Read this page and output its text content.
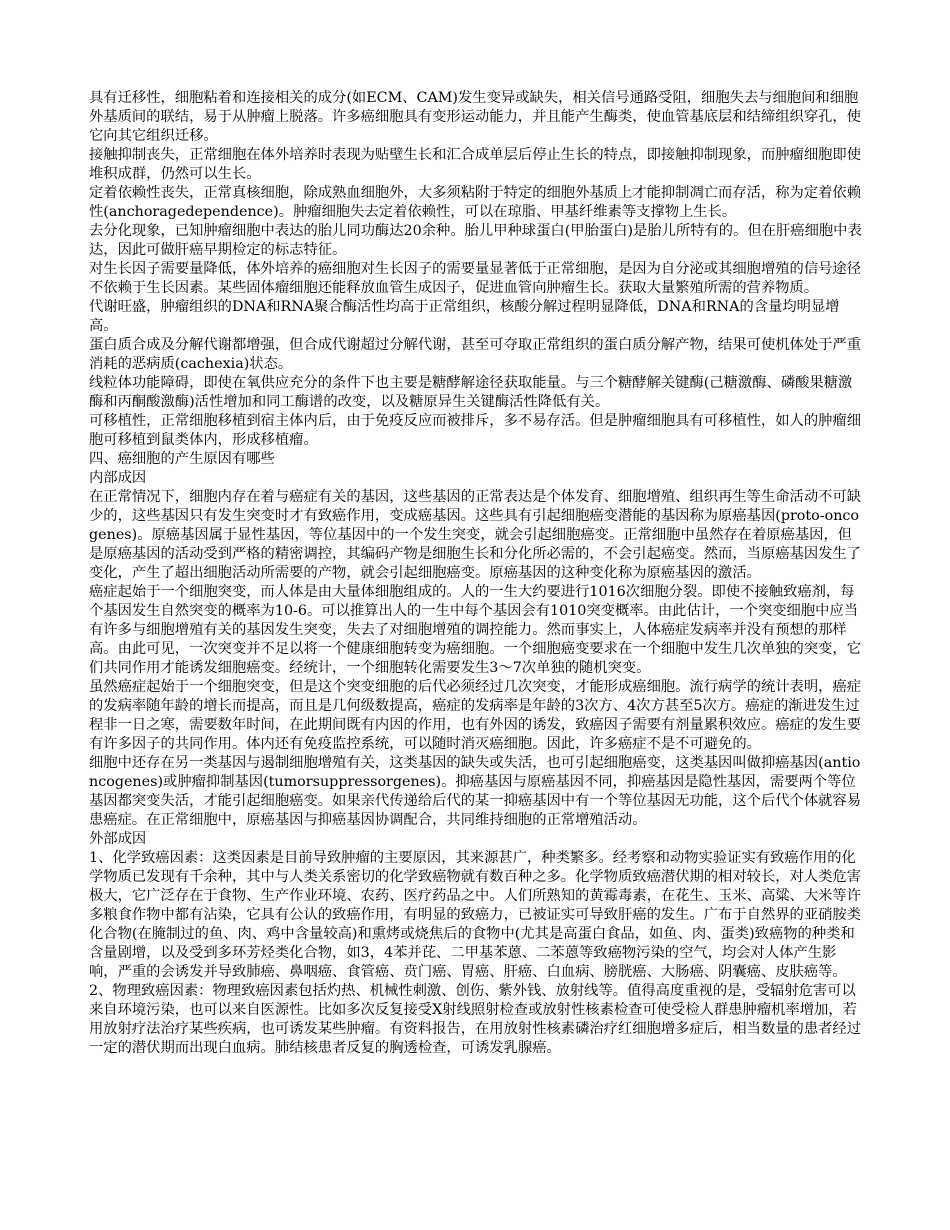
具有迁移性，细胞粘着和连接相关的成分(如ECM、CAM)发生变异或缺失，相关信号通路受阻，细胞失去与细胞间和细胞外基质间的联结，易于从肿瘤上脱落。许多癌细胞具有变形运动能力，并且能产生酶类，使血管基底层和结缔组织穿孔，使它向其它组织迁移。

接触抑制丧失，正常细胞在体外培养时表现为贴壁生长和汇合成单层后停止生长的特点，即接触抑制现象，而肿瘤细胞即使堆积成群，仍然可以生长。

定着依赖性丧失，正常真核细胞，除成熟血细胞外，大多须粘附于特定的细胞外基质上才能抑制凋亡而存活，称为定着依赖性(anchoragedependence)。肿瘤细胞失去定着依赖性，可以在琼脂、甲基纤维素等支撑物上生长。

去分化现象，已知肿瘤细胞中表达的胎儿同功酶达20余种。胎儿甲种球蛋白(甲胎蛋白)是胎儿所特有的。但在肝癌细胞中表达，因此可做肝癌早期检定的标志特征。

对生长因子需要量降低，体外培养的癌细胞对生长因子的需要量显著低于正常细胞，是因为自分泌或其细胞增殖的信号途径不依赖于生长因素。某些固体瘤细胞还能释放血管生成因子，促进血管向肿瘤生长。获取大量繁殖所需的营养物质。

代谢旺盛，肿瘤组织的DNA和RNA聚合酶活性均高于正常组织，核酸分解过程明显降低，DNA和RNA的含量均明显增高。

蛋白质合成及分解代谢都增强，但合成代谢超过分解代谢，甚至可夺取正常组织的蛋白质分解产物，结果可使机体处于严重消耗的恶病质(cachexia)状态。

线粒体功能障碍，即使在氧供应充分的条件下也主要是糖酵解途径获取能量。与三个糖酵解关键酶(己糖激酶、磷酸果糖激酶和丙酮酸激酶)活性增加和同工酶谱的改变，以及糖原异生关键酶活性降低有关。

可移植性，正常细胞移植到宿主体内后，由于免疫反应而被排斥，多不易存活。但是肿瘤细胞具有可移植性，如人的肿瘤细胞可移植到鼠类体内，形成移植瘤。

四、癌细胞的产生原因有哪些

内部成因

在正常情况下，细胞内存在着与癌症有关的基因，这些基因的正常表达是个体发育、细胞增殖、组织再生等生命活动不可缺少的，这些基因只有发生突变时才有致癌作用，变成癌基因。这些具有引起细胞癌变潜能的基因称为原癌基因(proto-oncogenes)。原癌基因属于显性基因，等位基因中的一个发生突变，就会引起细胞癌变。正常细胞中虽然存在着原癌基因，但是原癌基因的活动受到严格的精密调控，其编码产物是细胞生长和分化所必需的，不会引起癌变。然而，当原癌基因发生了变化，产生了超出细胞活动所需要的产物，就会引起细胞癌变。原癌基因的这种变化称为原癌基因的激活。

癌症起始于一个细胞突变，而人体是由大量体细胞组成的。人的一生大约要进行1016次细胞分裂。即使不接触致癌剂，每个基因发生自然突变的概率为10-6。可以推算出人的一生中每个基因会有1010突变概率。由此估计，一个突变细胞中应当有许多与细胞增殖有关的基因发生突变，失去了对细胞增殖的调控能力。然而事实上，人体癌症发病率并没有预想的那样高。由此可见，一次突变并不足以将一个健康细胞转变为癌细胞。一个细胞癌变要求在一个细胞中发生几次单独的突变，它们共同作用才能诱发细胞癌变。经统计，一个细胞转化需要发生3～7次单独的随机突变。

虽然癌症起始于一个细胞突变，但是这个突变细胞的后代必须经过几次突变，才能形成癌细胞。流行病学的统计表明，癌症的发病率随年龄的增长而提高，而且是几何级数提高，癌症的发病率是年龄的3次方、4次方甚至5次方。癌症的渐进发生过程非一日之寒，需要数年时间，在此期间既有内因的作用，也有外因的诱发，致癌因子需要有剂量累积效应。癌症的发生要有许多因子的共同作用。体内还有免疫监控系统，可以随时消灭癌细胞。因此，许多癌症不是不可避免的。

细胞中还存在另一类基因与遏制细胞增殖有关，这类基因的缺失或失活，也可引起细胞癌变，这类基因叫做抑癌基因(antioncogenes)或肿瘤抑制基因(tumorsuppressorgenes)。抑癌基因与原癌基因不同，抑癌基因是隐性基因，需要两个等位基因都突变失活，才能引起细胞癌变。如果亲代传递给后代的某一抑癌基因中有一个等位基因无功能，这个后代个体就容易患癌症。在正常细胞中，原癌基因与抑癌基因协调配合，共同维持细胞的正常增殖活动。

外部成因

1、化学致癌因素：这类因素是目前导致肿瘤的主要原因，其来源甚广，种类繁多。经考察和动物实验证实有致癌作用的化学物质已发现有千余种，其中与人类关系密切的化学致癌物就有数百种之多。化学物质致癌潜伏期的相对较长，对人类危害极大，它广泛存在于食物、生产作业环境、农药、医疗药品之中。人们所熟知的黄霉毒素，在花生、玉米、高粱、大米等许多粮食作物中都有沾染，它具有公认的致癌作用，有明显的致癌力，已被证实可导致肝癌的发生。广布于自然界的亚硝胺类化合物(在腌制过的鱼、肉、鸡中含量较高)和熏烤或烧焦后的食物中(尤其是高蛋白食品，如鱼、肉、蛋类)致癌物的种类和含量剧增，以及受到多环芳烃类化合物，如3，4苯并芘、二甲基苯蒽、二苯蒽等致癌物污染的空气，均会对人体产生影响，严重的会诱发并导致肺癌、鼻咽癌、食管癌、贲门癌、胃癌、肝癌、白血病、膀胱癌、大肠癌、阴囊癌、皮肤癌等。

2、物理致癌因素：物理致癌因素包括灼热、机械性刺激、创伤、紫外钱、放射线等。值得高度重视的是，受辐射危害可以来自环境污染，也可以来自医源性。比如多次反复接受X射线照射检查或放射性核素检查可使受检人群患肿瘤机率增加，若用放射疗法治疗某些疾病，也可诱发某些肿瘤。有资料报告，在用放射性核素磷治疗红细胞增多症后，相当数量的患者经过一定的潜伏期而出现白血病。肺结核患者反复的胸透检查，可诱发乳腺癌。
